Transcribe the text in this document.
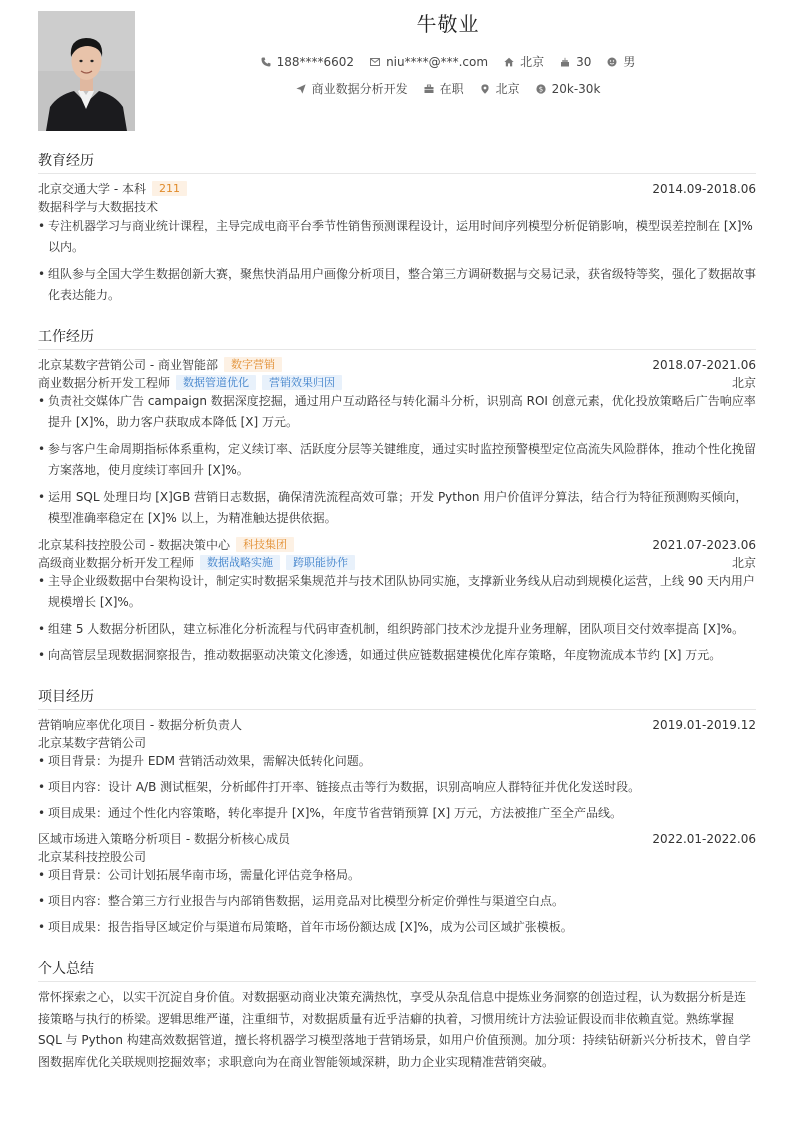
牛敬业
188****6602	niu****@***.com	北京	30	男
商业数据分析开发	在职	北京	$ 20k-30k
教育经历
北京交通大学 - 本科	211	2014.09-2018.06
数据科学与大数据技术
• 专注机器学习与商业统计课程，主导完成电商平台季节性销售预测课程设计，运用时间序列模型分析促销影响，模型误差控制在 [X]% 以内。
• 组队参与全国大学生数据创新大赛，聚焦快消品用户画像分析项目，整合第三方调研数据与交易记录，获省级特等奖，强化了数据故事化表达能力。
工作经历
北京某数字营销公司 - 商业智能部	数字营销	2018.07-2021.06
商业数据分析开发工程师	数据管道优化	营销效果归因	北京
• 负责社交媒体广告 campaign 数据深度挖掘，通过用户互动路径与转化漏斗分析，识别高 ROI 创意元素，优化投放策略后广告响应率提升 [X]%，助力客户获取成本降低 [X] 万元。
• 参与客户生命周期指标体系重构，定义续订率、活跃度分层等关键维度，通过实时监控预警模型定位高流失风险群体，推动个性化挽留方案落地，使月度续订率回升 [X]%。
• 运用 SQL 处理日均 [X]GB 营销日志数据，确保清洗流程高效可靠；开发 Python 用户价值评分算法，结合行为特征预测购买倾向，模型准确率稳定在 [X]% 以上，为精准触达提供依据。
北京某科技控股公司 - 数据决策中心	科技集团	2021.07-2023.06
高级商业数据分析开发工程师	数据战略实施	跨职能协作	北京
• 主导企业级数据中台架构设计，制定实时数据采集规范并与技术团队协同实施，支撑新业务线从启动到规模化运营，上线 90 天内用户规模增长 [X]%。
• 组建 5 人数据分析团队，建立标准化分析流程与代码审查机制，组织跨部门技术沙龙提升业务理解，团队项目交付效率提高 [X]%。
• 向高管层呈现数据洞察报告，推动数据驱动决策文化渗透，如通过供应链数据建模优化库存策略，年度物流成本节约 [X] 万元。
项目经历
营销响应率优化项目 - 数据分析负责人	2019.01-2019.12
北京某数字营销公司
• 项目背景：为提升 EDM 营销活动效果，需解决低转化问题。
• 项目内容：设计 A/B 测试框架，分析邮件打开率、链接点击等行为数据，识别高响应人群特征并优化发送时段。
• 项目成果：通过个性化内容策略，转化率提升 [X]%，年度节省营销预算 [X] 万元，方法被推广至全产品线。
区域市场进入策略分析项目 - 数据分析核心成员	2022.01-2022.06
北京某科技控股公司
• 项目背景：公司计划拓展华南市场，需量化评估竞争格局。
• 项目内容：整合第三方行业报告与内部销售数据，运用竞品对比模型分析定价弹性与渠道空白点。
• 项目成果：报告指导区域定价与渠道布局策略，首年市场份额达成 [X]%，成为公司区域扩张模板。
个人总结
常怀探索之心，以实干沉淀自身价值。对数据驱动商业决策充满热忱，享受从杂乱信息中提炼业务洞察的创造过程，认为数据分析是连接策略与执行的桥梁。逻辑思维严谨，注重细节，对数据质量有近乎洁癖的执着，习惯用统计方法验证假设而非依赖直觉。熟练掌握 SQL 与 Python 构建高效数据管道，擅长将机器学习模型落地于营销场景，如用户价值预测。加分项：持续钻研新兴分析技术，曾自学图数据库优化关联规则挖掘效率；求职意向为在商业智能领域深耕，助力企业实现精准营销突破。
